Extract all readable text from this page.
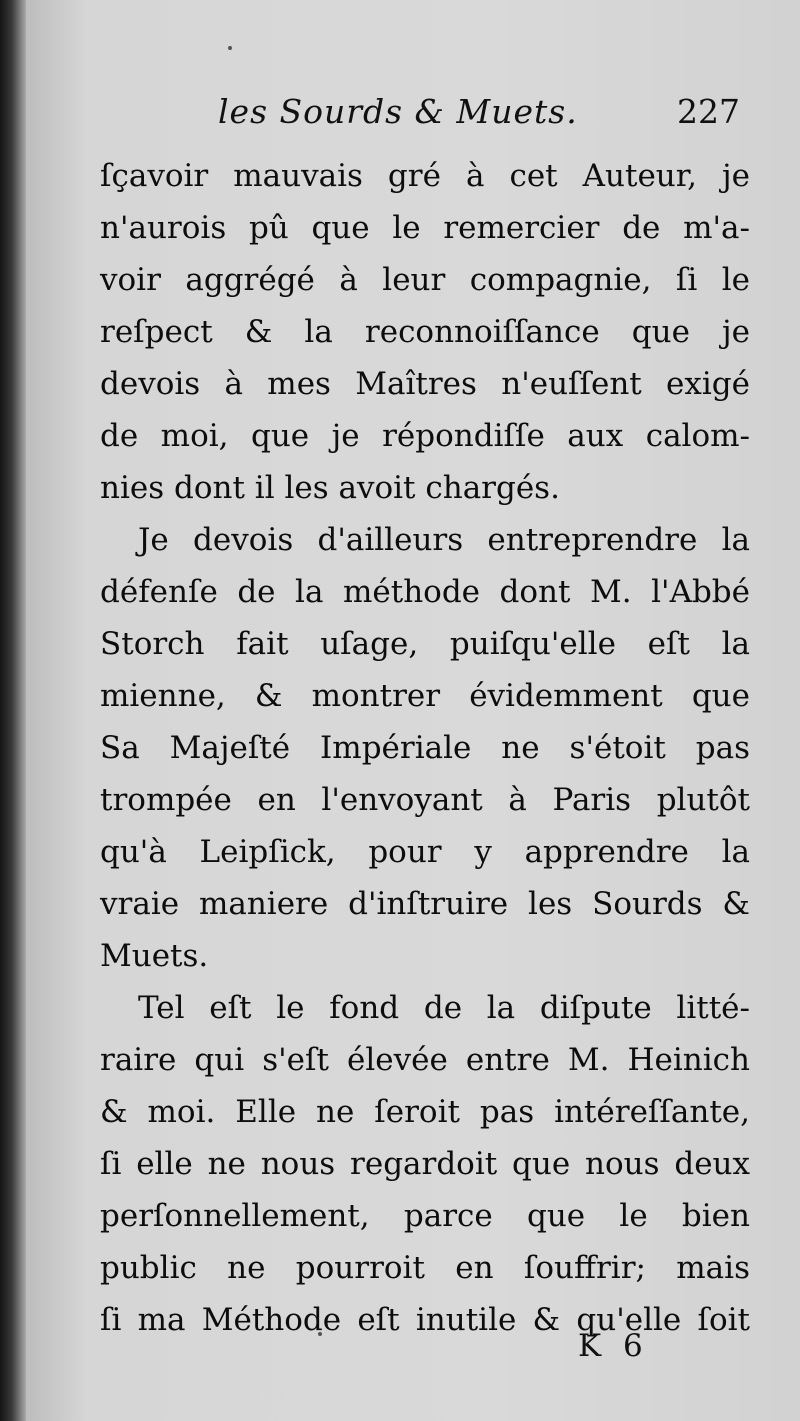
les Sourds & Muets.	227
ſçavoir mauvais gré à cet Auteur, je
n'aurois pû que le remercier de m'a-
voir aggrégé à leur compagnie, ſi le
reſpect & la reconnoiſſance que je
devois à mes Maîtres n'euſſent exigé
de moi, que je répondiſſe aux calom-
nies dont il les avoit chargés.
Je devois d'ailleurs entreprendre la
défenſe de la méthode dont M. l'Abbé
Storch fait uſage, puiſqu'elle eſt la
mienne, & montrer évidemment que
Sa Majeſté Impériale ne s'étoit pas
trompée en l'envoyant à Paris plutôt
qu'à Leipſick, pour y apprendre la
vraie maniere d'inſtruire les Sourds &
Muets.
Tel eſt le fond de la diſpute litté-
raire qui s'eſt élevée entre M. Heinich
& moi. Elle ne ſeroit pas intéreſſante,
ſi elle ne nous regardoit que nous deux
perſonnellement, parce que le bien
public ne pourroit en ſouffrir; mais
ſi ma Méthode eſt inutile & qu'elle ſoit
K 6
